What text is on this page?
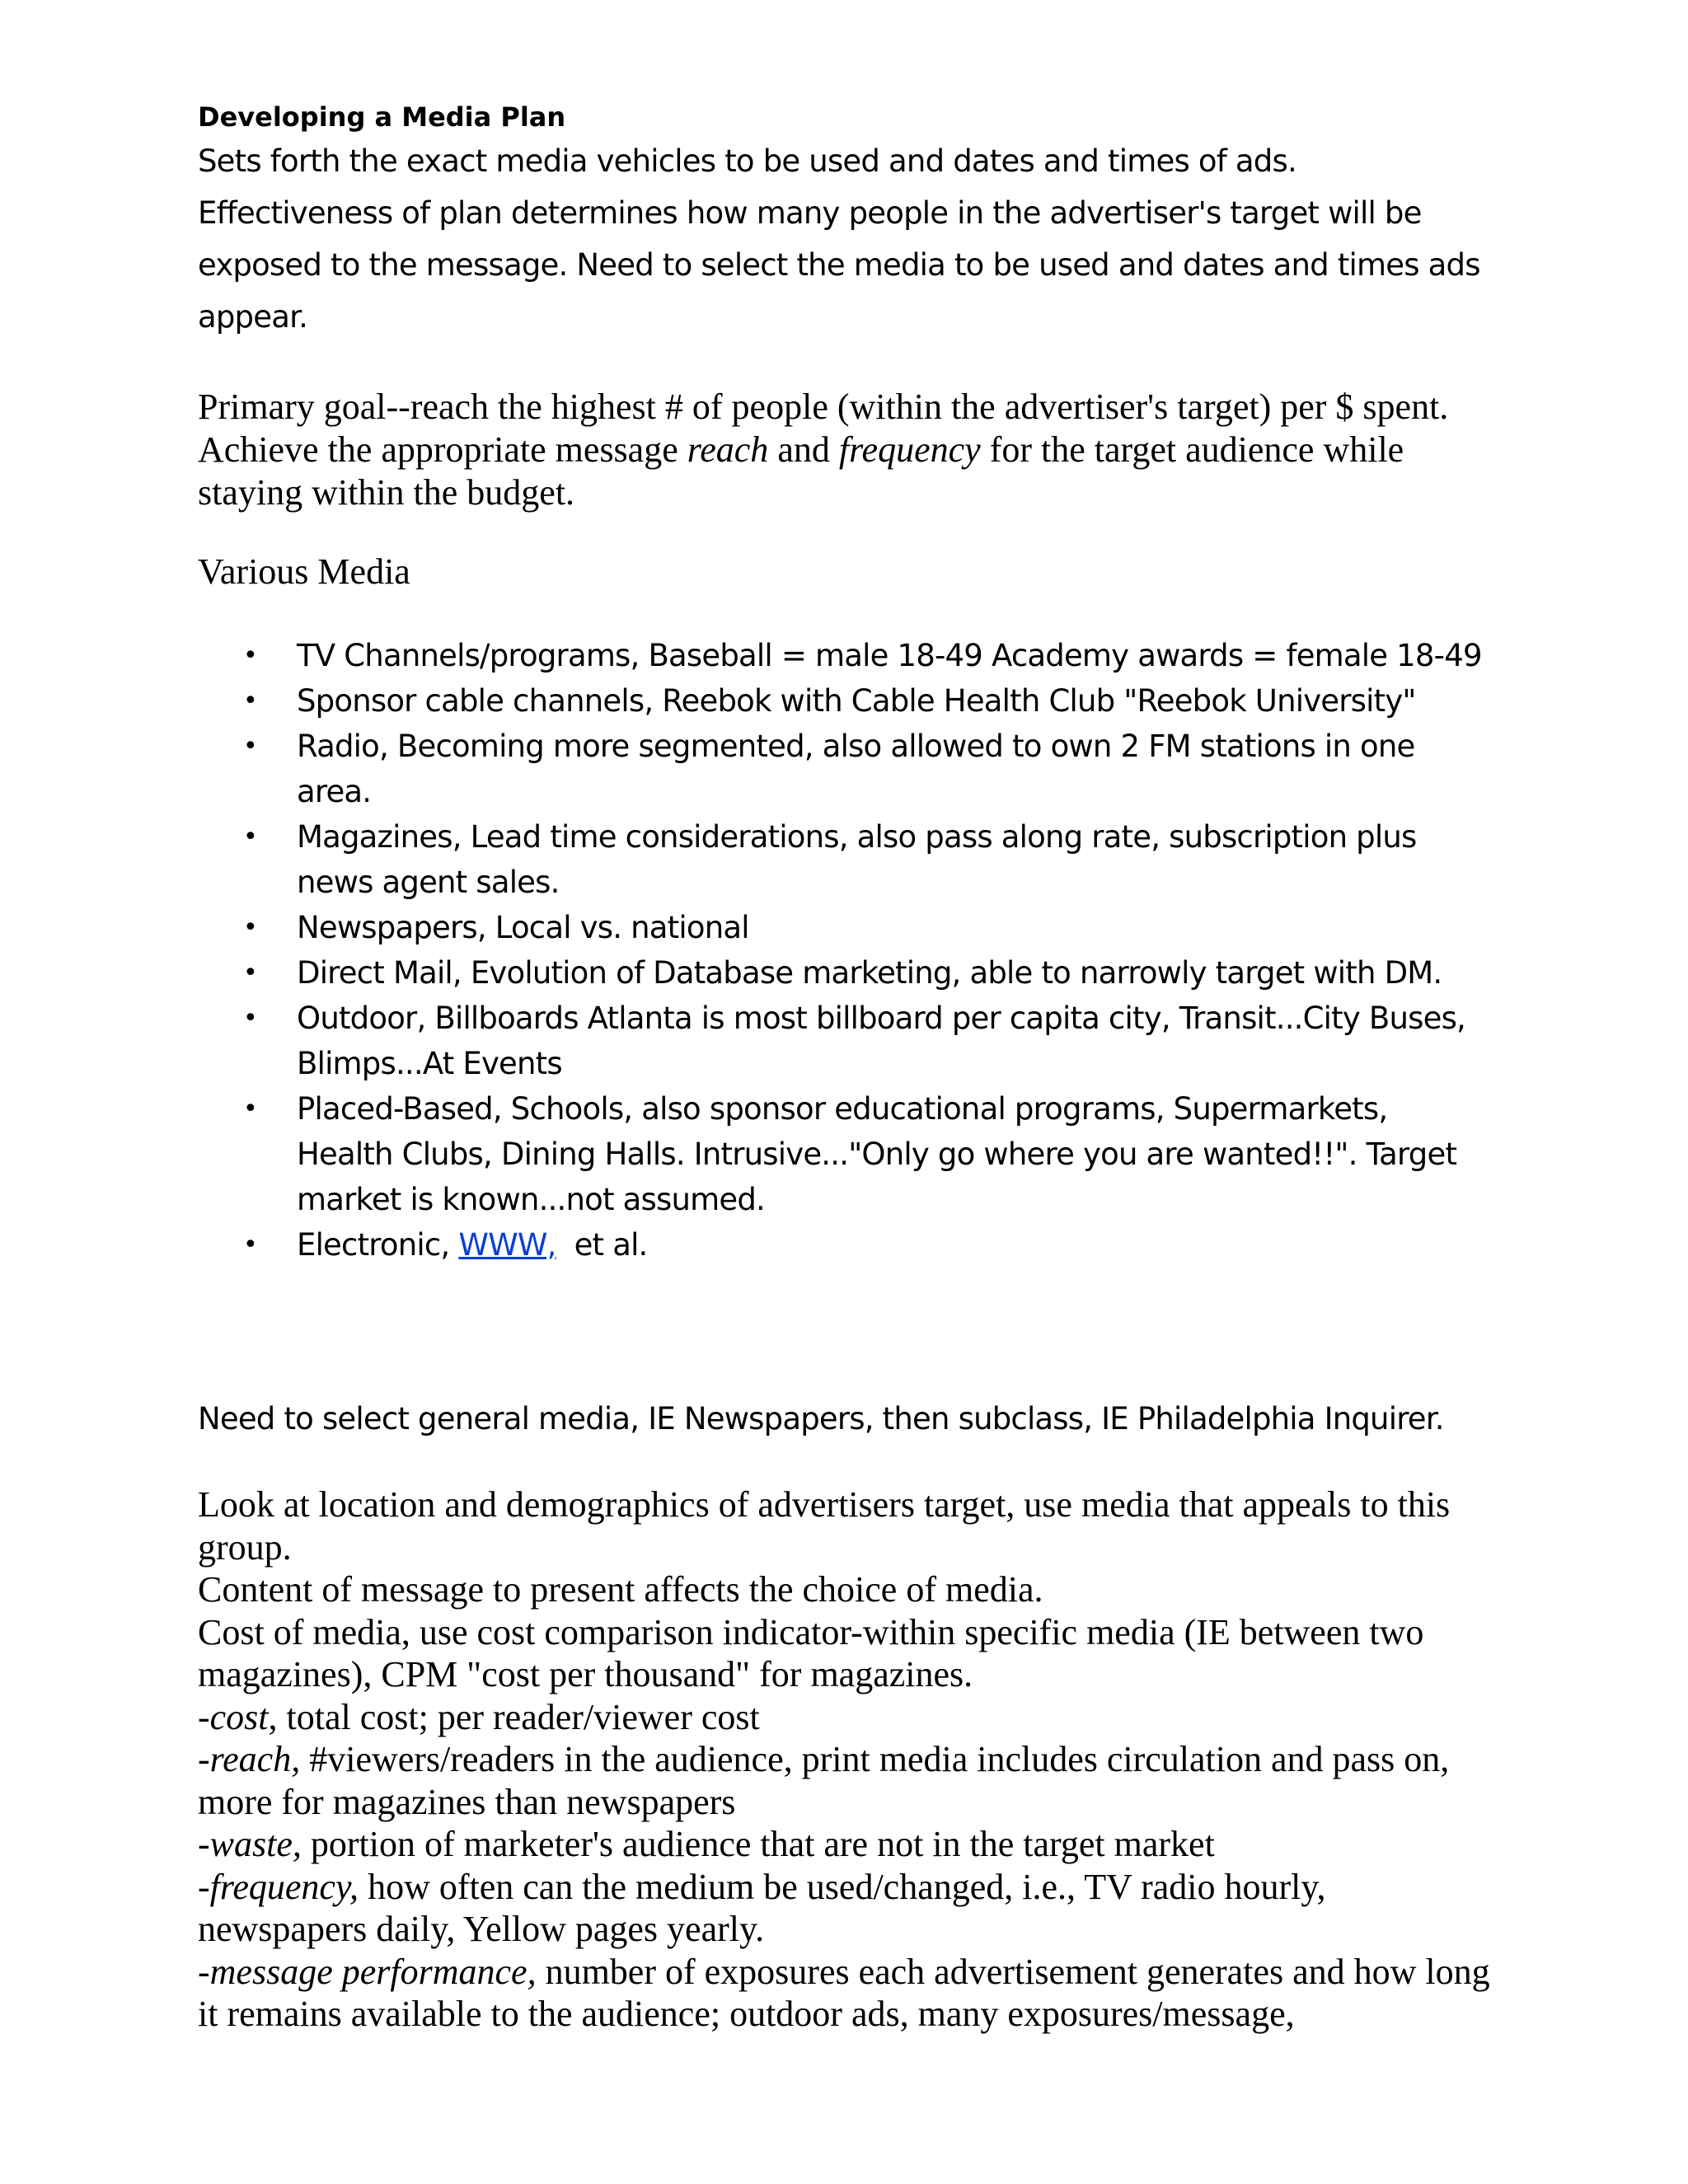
Developing a Media Plan

Sets forth the exact media vehicles to be used and dates and times of ads. Effectiveness of plan determines how many people in the advertiser's target will be exposed to the message. Need to select the media to be used and dates and times ads appear.

Primary goal--reach the highest # of people (within the advertiser's target) per $ spent.
Achieve the appropriate message reach and frequency for the target audience while staying within the budget.

Various Media

• TV Channels/programs, Baseball = male 18-49 Academy awards = female 18-49
• Sponsor cable channels, Reebok with Cable Health Club "Reebok University"
• Radio, Becoming more segmented, also allowed to own 2 FM stations in one area.
• Magazines, Lead time considerations, also pass along rate, subscription plus news agent sales.
• Newspapers, Local vs. national
• Direct Mail, Evolution of Database marketing, able to narrowly target with DM.
• Outdoor, Billboards Atlanta is most billboard per capita city, Transit...City Buses, Blimps...At Events
• Placed-Based, Schools, also sponsor educational programs, Supermarkets, Health Clubs, Dining Halls. Intrusive..."Only go where you are wanted!!". Target market is known...not assumed.
• Electronic, WWW,  et al.

Need to select general media, IE Newspapers, then subclass, IE Philadelphia Inquirer.

Look at location and demographics of advertisers target, use media that appeals to this group.

Content of message to present affects the choice of media.

Cost of media, use cost comparison indicator-within specific media (IE between two magazines), CPM "cost per thousand" for magazines.

-cost, total cost; per reader/viewer cost

-reach, #viewers/readers in the audience, print media includes circulation and pass on, more for magazines than newspapers

-waste, portion of marketer's audience that are not in the target market

-frequency, how often can the medium be used/changed, i.e., TV radio hourly, newspapers daily, Yellow pages yearly.

-message performance, number of exposures each advertisement generates and how long it remains available to the audience; outdoor ads, many exposures/message,
